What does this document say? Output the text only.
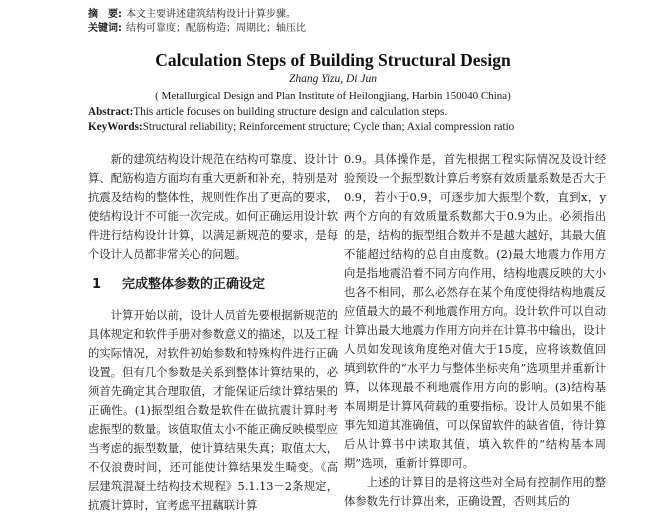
摘　要: 本文主要讲述建筑结构设计计算步骤。
关键词: 结构可靠度；配筋构造；周期比；轴压比
Calculation Steps of Building Structural Design
Zhang Yizu, Di Jun
( Metallurgical Design and Plan Institute of Heilongjiang, Harbin 150040 China)
Abstract:This article focuses on building structure design and calculation steps.
KeyWords:Structural reliability; Reinforcement structure; Cycle than; Axial compression ratio

新的建筑结构设计规范在结构可靠度、设计计算、配筋构造方面均有重大更新和补充，特别是对抗震及结构的整体性，规则性作出了更高的要求，使结构设计不可能一次完成。如何正确运用设计软件进行结构设计计算，以满足新规范的要求，是每个设计人员都非常关心的问题。

1 完成整体参数的正确设定

计算开始以前，设计人员首先要根据新规范的具体规定和软件手册对参数意义的描述，以及工程的实际情况，对软件初始参数和特殊构件进行正确设置。但有几个参数是关系到整体计算结果的，必须首先确定其合理取值，才能保证后续计算结果的正确性。(1)振型组合数是软件在做抗震计算时考虑振型的数量。该值取值太小不能正确反映模型应当考虑的振型数量，使计算结果失真；取值太大，不仅浪费时间，还可能使计算结果发生畸变。《高层建筑混凝土结构技术规程》5.1.13－2条规定，抗震计算时，宜考虑平扭藕联计算

0.9。具体操作是，首先根据工程实际情况及设计经验预设一个振型数计算后考察有效质量系数是否大于0.9，若小于0.9，可逐步加大振型个数，直到x，y两个方向的有效质量系数都大于0.9为止。必须指出的是，结构的振型组合数并不是越大越好，其最大值不能超过结构的总自由度数。(2)最大地震力作用方向是指地震沿着不同方向作用，结构地震反映的大小也各不相同，那么必然存在某个角度使得结构地震反应值最大的最不利地震作用方向。设计软件可以自动计算出最大地震力作用方向并在计算书中输出，设计人员如发现该角度绝对值大于15度，应将该数值回填到软件的“水平力与整体坐标夹角”选项里并重新计算，以体现最不利地震作用方向的影响。(3)结构基本周期是计算风荷载的重要指标。设计人员如果不能事先知道其准确值，可以保留软件的缺省值，待计算后从计算书中读取其值，填入软件的“结构基本周期”选项，重新计算即可。

上述的计算目的是将这些对全局有控制作用的整体参数先行计算出来，正确设置，否则其后的
